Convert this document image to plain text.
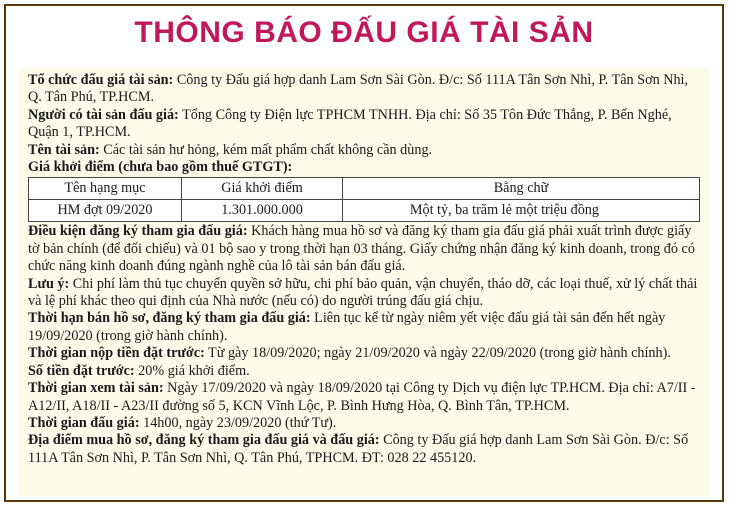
THÔNG BÁO ĐẤU GIÁ TÀI SẢN

Tổ chức đấu giá tài sản: Công ty Đấu giá hợp danh Lam Sơn Sài Gòn. Đ/c: Số 111A Tân Sơn Nhì, P. Tân Sơn Nhì, Q. Tân Phú, TP.HCM.

Người có tài sản đấu giá: Tổng Công ty Điện lực TPHCM TNHH. Địa chỉ: Số 35 Tôn Đức Thắng, P. Bến Nghé, Quận 1, TP.HCM.

Tên tài sản: Các tài sản hư hỏng, kém mất phẩm chất không cần dùng.

Giá khởi điểm (chưa bao gồm thuế GTGT):

Tên hạng mục	Giá khởi điểm	Bằng chữ
HM đợt 09/2020	1.301.000.000	Một tỷ, ba trăm lẻ một triệu đồng

Điều kiện đăng ký tham gia đấu giá: Khách hàng mua hồ sơ và đăng ký tham gia đấu giá phải xuất trình được giấy tờ bản chính (để đối chiếu) và 01 bộ sao y trong thời hạn 03 tháng. Giấy chứng nhận đăng ký kinh doanh, trong đó có chức năng kinh doanh đúng ngành nghề của lô tài sản bán đấu giá.

Lưu ý: Chi phí làm thủ tục chuyển quyền sở hữu, chi phí bảo quản, vận chuyển, tháo dỡ, các loại thuế, xử lý chất thải và lệ phí khác theo qui định của Nhà nước (nếu có) do người trúng đấu giá chịu.

Thời hạn bán hồ sơ, đăng ký tham gia đấu giá: Liên tục kể từ ngày niêm yết việc đấu giá tài sản đến hết ngày 19/09/2020 (trong giờ hành chính).

Thời gian nộp tiền đặt trước: Từ gày 18/09/2020; ngày 21/09/2020 và ngày 22/09/2020 (trong giờ hành chính).

Số tiền đặt trước: 20% giá khởi điểm.

Thời gian xem tài sản: Ngày 17/09/2020 và ngày 18/09/2020 tại Công ty Dịch vụ điện lực TP.HCM. Địa chỉ: A7/II - A12/II, A18/II - A23/II đường số 5, KCN Vĩnh Lộc, P. Bình Hưng Hòa, Q. Bình Tân, TP.HCM.

Thời gian đấu giá: 14h00, ngày 23/09/2020 (thứ Tư).

Địa điểm mua hồ sơ, đăng ký tham gia đấu giá và đấu giá: Công ty Đấu giá hợp danh Lam Sơn Sài Gòn. Đ/c: Số 111A Tân Sơn Nhì, P. Tân Sơn Nhì, Q. Tân Phú, TPHCM. ĐT: 028 22 455120.
